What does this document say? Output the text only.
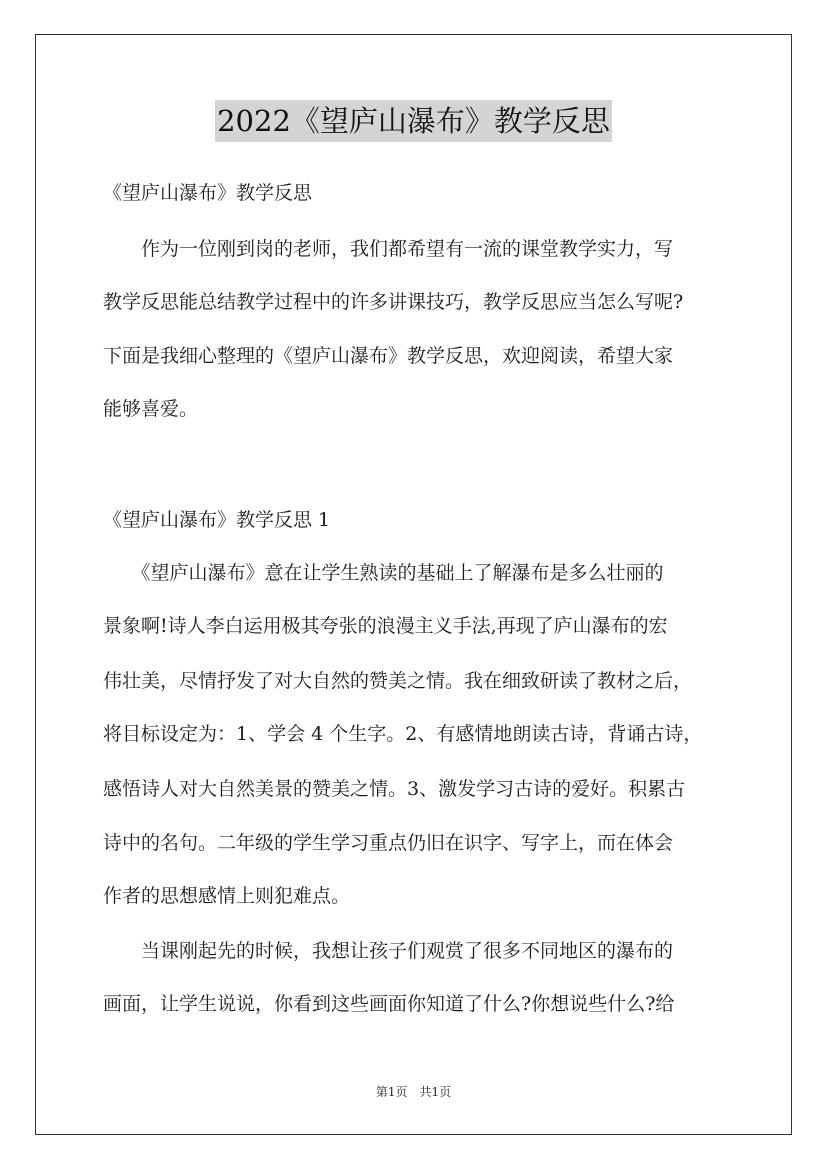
2022《望庐山瀑布》教学反思
《望庐山瀑布》教学反思
　　作为一位刚到岗的老师，我们都希望有一流的课堂教学实力，写
教学反思能总结教学过程中的许多讲课技巧，教学反思应当怎么写呢?
下面是我细心整理的《望庐山瀑布》教学反思，欢迎阅读，希望大家
能够喜爱。
《望庐山瀑布》教学反思 1
　　《望庐山瀑布》意在让学生熟读的基础上了解瀑布是多么壮丽的
景象啊!诗人李白运用极其夸张的浪漫主义手法,再现了庐山瀑布的宏
伟壮美，尽情抒发了对大自然的赞美之情。我在细致研读了教材之后，
将目标设定为：1、学会 4 个生字。2、有感情地朗读古诗，背诵古诗，
感悟诗人对大自然美景的赞美之情。3、激发学习古诗的爱好。积累古
诗中的名句。二年级的学生学习重点仍旧在识字、写字上，而在体会
作者的思想感情上则犯难点。
　　当课刚起先的时候，我想让孩子们观赏了很多不同地区的瀑布的
画面，让学生说说，你看到这些画面你知道了什么?你想说些什么?给
第1页　共1页
